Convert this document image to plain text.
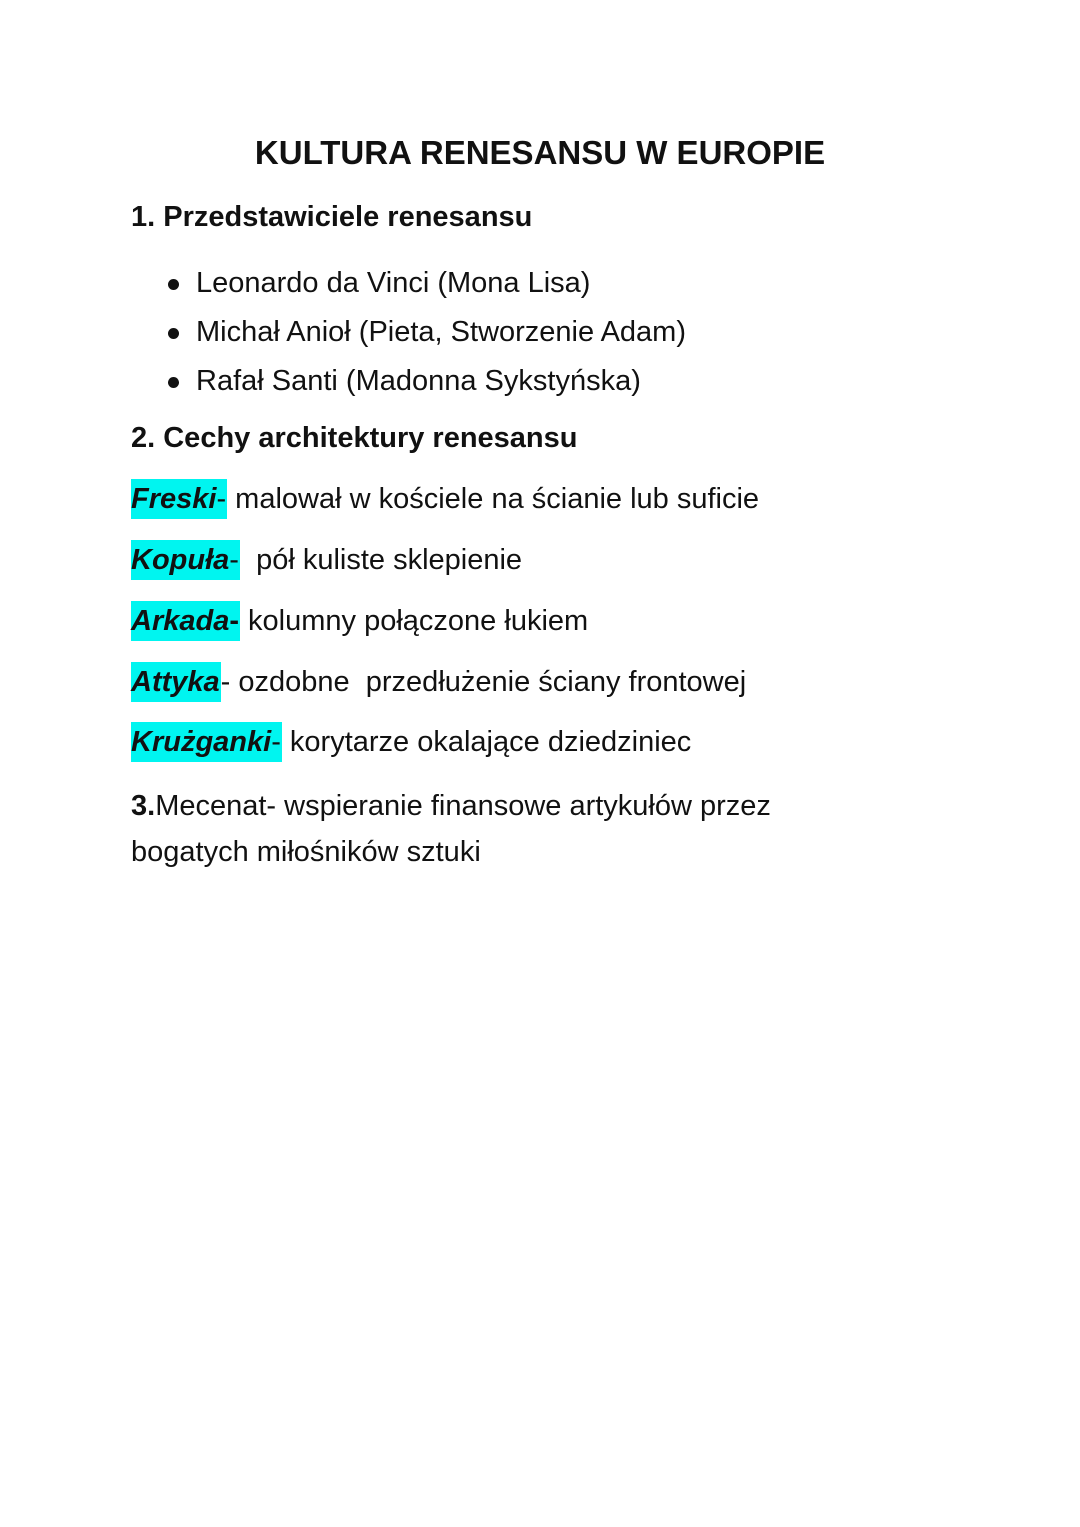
KULTURA RENESANSU W EUROPIE
1. Przedstawiciele renesansu
Leonardo da Vinci (Mona Lisa)
Michał Anioł (Pieta, Stworzenie Adam)
Rafał Santi (Madonna Sykstyńska)
2. Cechy architektury renesansu
Freski- malował w kościele na ścianie lub suficie
Kopuła-  pół kuliste sklepienie
Arkada- kolumny połączone łukiem
Attyka- ozdobne  przedłużenie ściany frontowej
Krużganki- korytarze okalające dziedziniec
3.Mecenat- wspieranie finansowe artykułów przez bogatych miłośników sztuki
